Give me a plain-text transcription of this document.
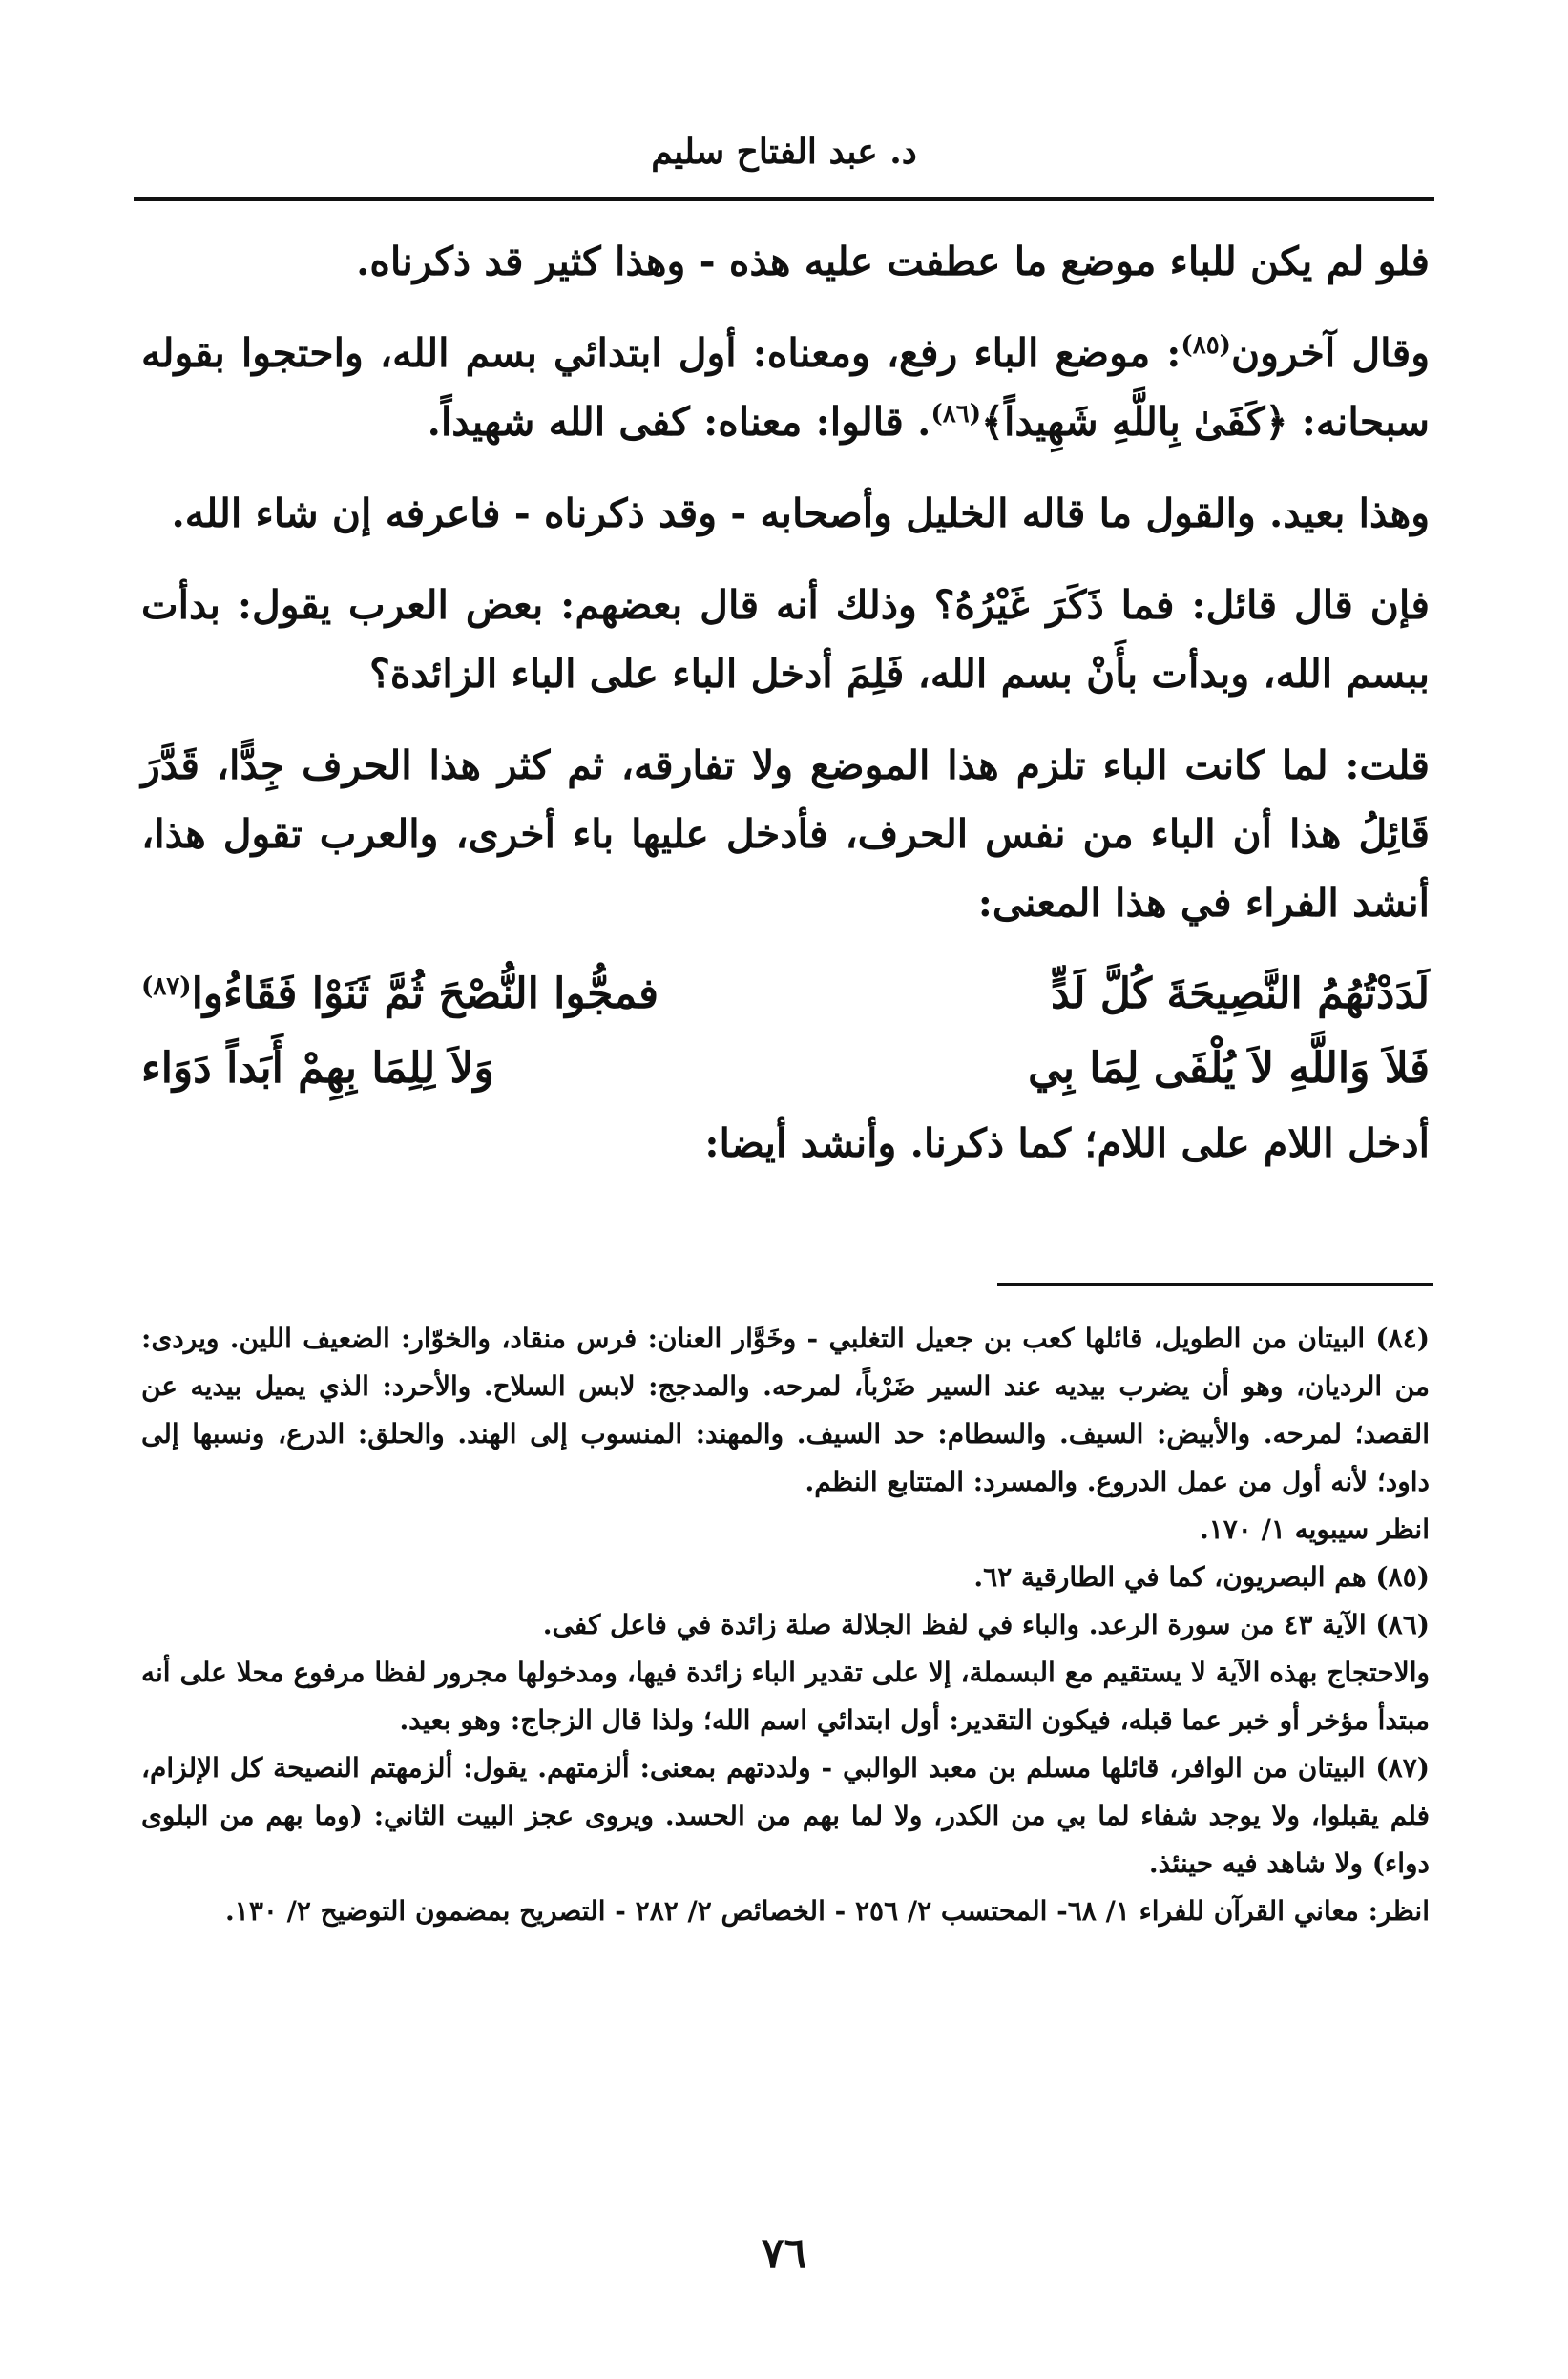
د. عبد الفتاح سليم

فلو لم يكن للباء موضع ما عطفت عليه هذه - وهذا كثير قد ذكرناه.

وقال آخرون$^{(٨٥)}$: موضع الباء رفع، ومعناه: أول ابتدائي بسم الله، واحتجوا بقوله سبحانه: ﴿كَفَىٰ بِاللَّهِ شَهِيداً﴾$^{(٨٦)}$. قالوا: معناه: كفى الله شهيداً.

وهذا بعيد. والقول ما قاله الخليل وأصحابه - وقد ذكرناه - فاعرفه إن شاء الله.

فإن قال قائل: فما ذَكَرَ غَيْرُهُ؟ وذلك أنه قال بعضهم: بعض العرب يقول: بدأت ببسم الله، وبدأت بأَنْ بسم الله، فَلِمَ أدخل الباء على الباء الزائدة؟

قلت: لما كانت الباء تلزم هذا الموضع ولا تفارقه، ثم كثر هذا الحرف جِدًّا، قَدَّرَ قَائِلُ هذا أن الباء من نفس الحرف، فأدخل عليها باء أخرى، والعرب تقول هذا، أنشد الفراء في هذا المعنى:

لَدَدْتُهُمُ النَّصِيحَةَ كُلَّ لَدٍّ
فمجُّوا النُّصْحَ ثُمَّ ثَنَوْا فَقَاءُوا$^{(٨٧)}$
فَلاَ وَاللَّهِ لاَ يُلْفَى لِمَا بِي
وَلاَ لِلِمَا بِهِمْ أَبَداً دَوَاء

أدخل اللام على اللام؛ كما ذكرنا. وأنشد أيضا:

(٨٤) البيتان من الطويل، قائلها كعب بن جعيل التغلبي - وخَوَّار العنان: فرس منقاد، والخوّار: الضعيف اللين. ويردى: من الرديان، وهو أن يضرب بيديه عند السير ضَرْباً، لمرحه. والمدجج: لابس السلاح. والأحرد: الذي يميل بيديه عن القصد؛ لمرحه. والأبيض: السيف. والسطام: حد السيف. والمهند: المنسوب إلى الهند. والحلق: الدرع، ونسبها إلى داود؛ لأنه أول من عمل الدروع. والمسرد: المتتابع النظم.

انظر سيبويه ١/ ١٧٠.

(٨٥) هم البصريون، كما في الطارقية ٦٢.

(٨٦) الآية ٤٣ من سورة الرعد. والباء في لفظ الجلالة صلة زائدة في فاعل كفى.

والاحتجاج بهذه الآية لا يستقيم مع البسملة، إلا على تقدير الباء زائدة فيها، ومدخولها مجرور لفظا مرفوع محلا على أنه مبتدأ مؤخر أو خبر عما قبله، فيكون التقدير: أول ابتدائي اسم الله؛ ولذا قال الزجاج: وهو بعيد.

(٨٧) البيتان من الوافر، قائلها مسلم بن معبد الوالبي - ولددتهم بمعنى: ألزمتهم. يقول: ألزمهتم النصيحة كل الإلزام، فلم يقبلوا، ولا يوجد شفاء لما بي من الكدر، ولا لما بهم من الحسد. ويروى عجز البيت الثاني: (وما بهم من البلوى دواء) ولا شاهد فيه حينئذ.

انظر: معاني القرآن للفراء ١/ ٦٨- المحتسب ٢/ ٢٥٦ - الخصائص ٢/ ٢٨٢ - التصريح بمضمون التوضيح ٢/ ١٣٠.

٧٦
